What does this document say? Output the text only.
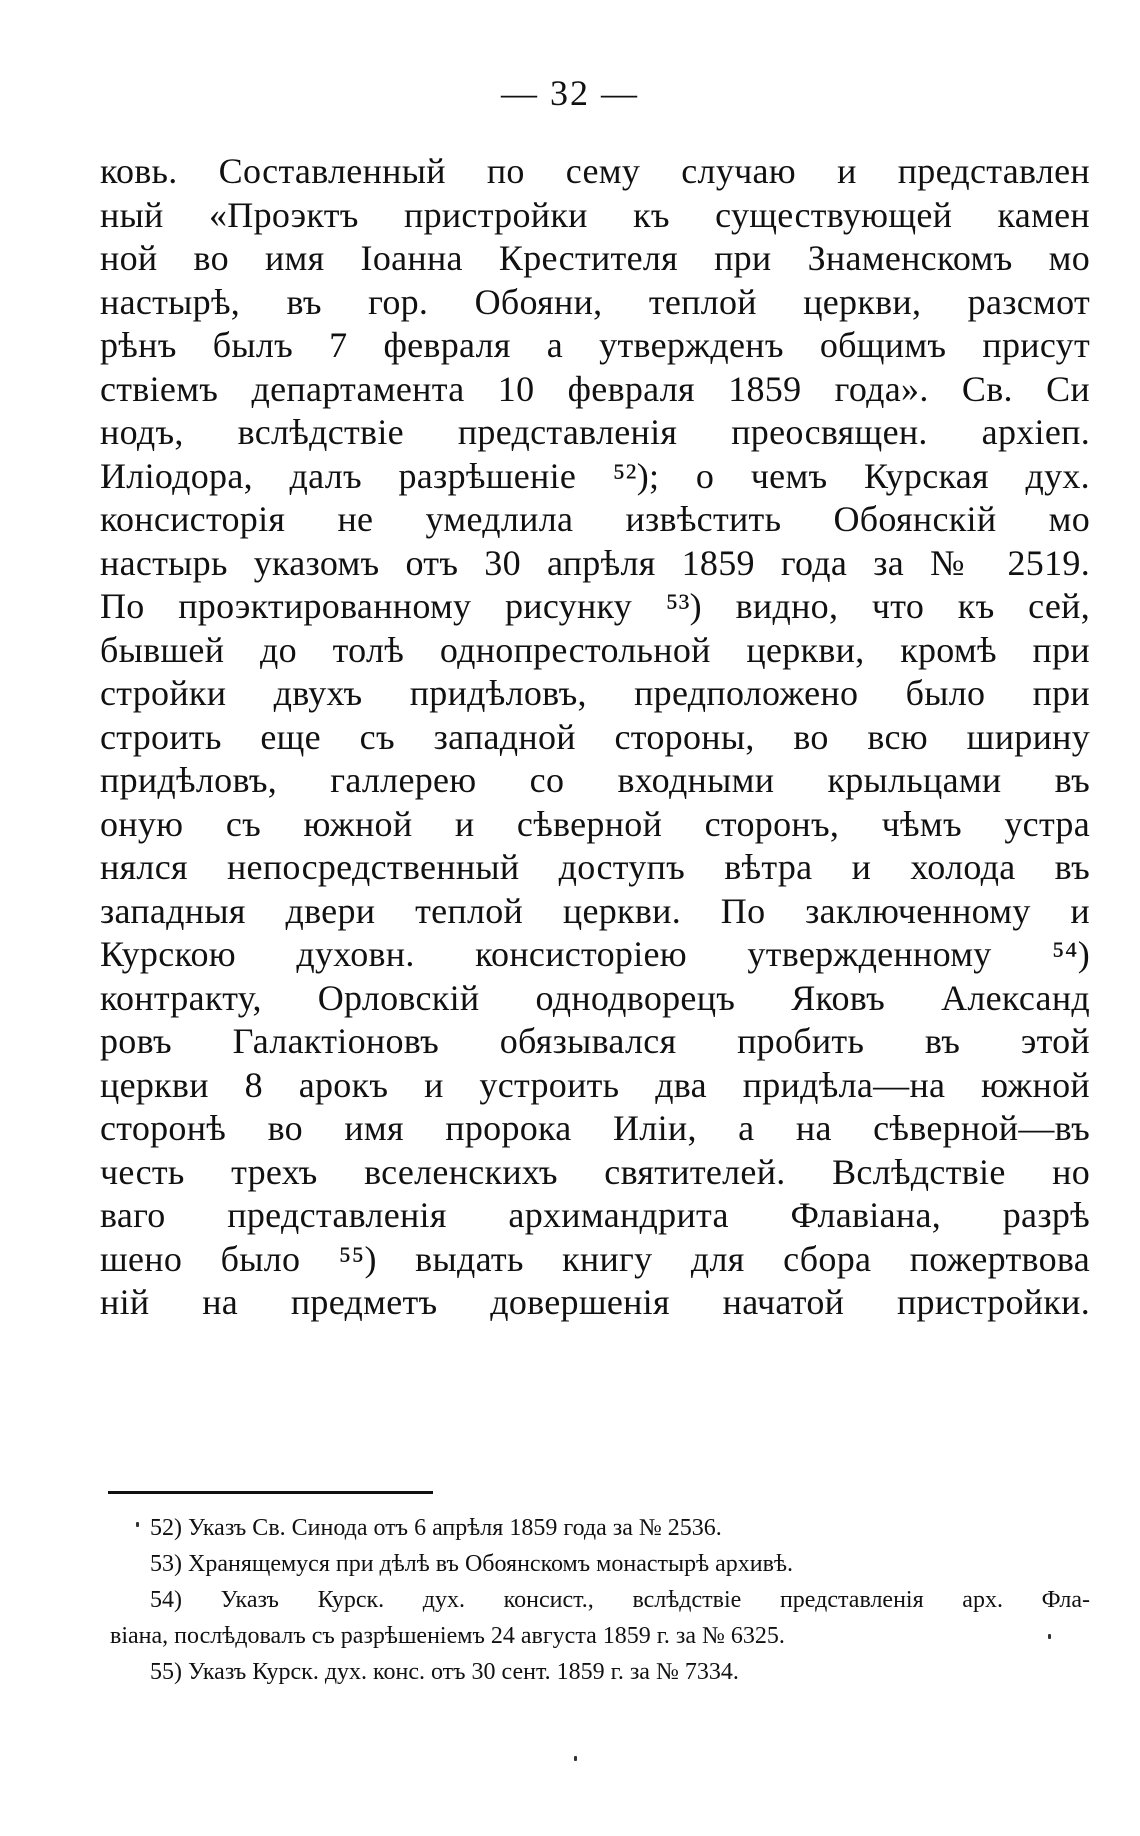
— 32 —
ковь. Составленный по сему случаю и представлен
ный «Проэктъ пристройки къ существующей камен
ной во имя Іоанна Крестителя при Знаменскомъ мо
настырѣ, въ гор. Обояни, теплой церкви, разсмот
рѣнъ былъ 7 февраля а утвержденъ общимъ присут
ствіемъ департамента 10 февраля 1859 года». Св. Си
нодъ, вслѣдствіе представленія преосвящен. архіеп.
Иліодора, далъ разрѣшеніе ⁵²); о чемъ Курская дух.
консисторія не умедлила извѣстить Обоянскій мо
настырь указомъ отъ 30 апрѣля 1859 года за № 2519.
По проэктированному рисунку ⁵³) видно, что къ сей,
бывшей до толѣ однопрестольной церкви, кромѣ при
стройки двухъ придѣловъ, предположено было при
строить еще съ западной стороны, во всю ширину
придѣловъ, галлерею со входными крыльцами въ
оную съ южной и сѣверной сторонъ, чѣмъ устра
нялся непосредственный доступъ вѣтра и холода въ
западныя двери теплой церкви. По заключенному и
Курскою духовн. консисторіею утвержденному ⁵⁴)
контракту, Орловскій однодворецъ Яковъ Александ
ровъ Галактіоновъ обязывался пробить въ этой
церкви 8 арокъ и устроить два придѣла—на южной
сторонѣ во имя пророка Иліи, а на сѣверной—въ
честь трехъ вселенскихъ святителей. Вслѣдствіе но
ваго представленія архимандрита Флавіана, разрѣ
шено было ⁵⁵) выдать книгу для сбора пожертвова
ній на предметъ довершенія начатой пристройки.
52) Указъ Св. Синода отъ 6 апрѣля 1859 года за № 2536.
53) Хранящемуся при дѣлѣ въ Обоянскомъ монастырѣ архивѣ.
54) Указъ Курск. дух. консист., вслѣдствіе представленія арх. Фла-
віана, послѣдовалъ съ разрѣшеніемъ 24 августа 1859 г. за № 6325.
55) Указъ Курск. дух. конс. отъ 30 сент. 1859 г. за № 7334.
